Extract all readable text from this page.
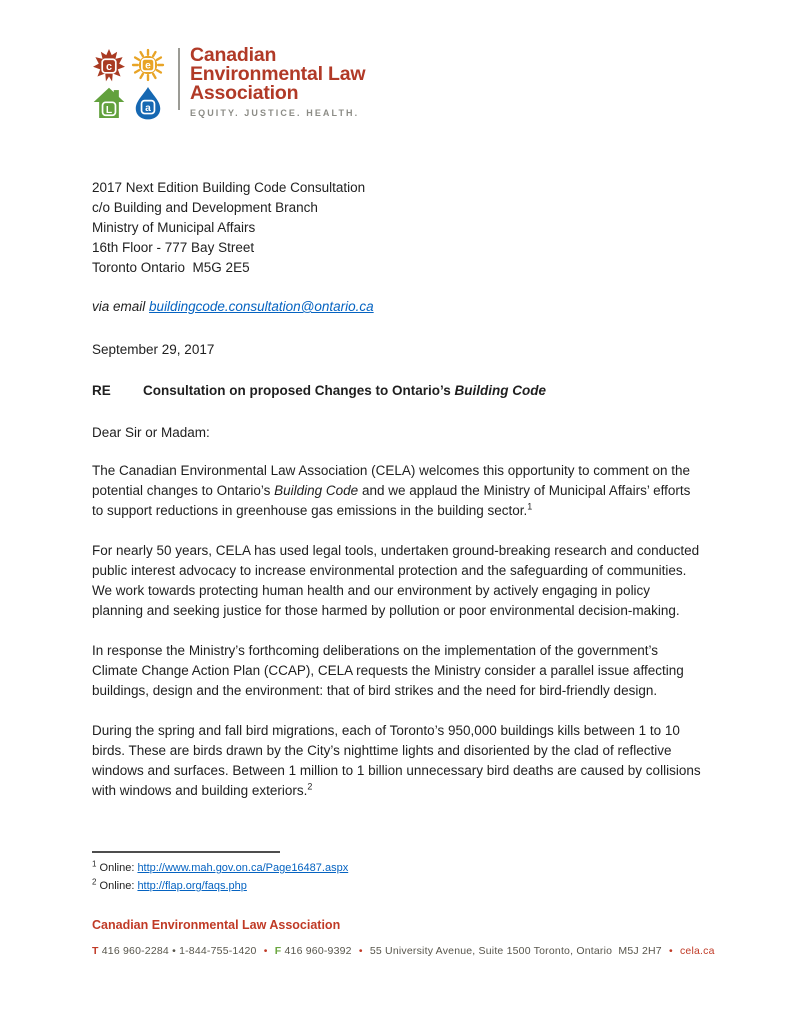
c e
L a
Canadian
Environmental Law
Association
EQUITY. JUSTICE. HEALTH.
2017 Next Edition Building Code Consultation
c/o Building and Development Branch
Ministry of Municipal Affairs
16th Floor - 777 Bay Street
Toronto Ontario  M5G 2E5
via email buildingcode.consultation@ontario.ca
September 29, 2017
RE	Consultation on proposed Changes to Ontario’s Building Code
Dear Sir or Madam:

The Canadian Environmental Law Association (CELA) welcomes this opportunity to comment on the potential changes to Ontario’s Building Code and we applaud the Ministry of Municipal Affairs’ efforts to support reductions in greenhouse gas emissions in the building sector.$^1$

For nearly 50 years, CELA has used legal tools, undertaken ground-breaking research and conducted public interest advocacy to increase environmental protection and the safeguarding of communities. We work towards protecting human health and our environment by actively engaging in policy planning and seeking justice for those harmed by pollution or poor environmental decision-making.

In response the Ministry’s forthcoming deliberations on the implementation of the government’s Climate Change Action Plan (CCAP), CELA requests the Ministry consider a parallel issue affecting buildings, design and the environment: that of bird strikes and the need for bird-friendly design.

During the spring and fall bird migrations, each of Toronto’s 950,000 buildings kills between 1 to 10 birds. These are birds drawn by the City’s nighttime lights and disoriented by the clad of reflective windows and surfaces. Between 1 million to 1 billion unnecessary bird deaths are caused by collisions with windows and building exteriors.$^2$

$^1$ Online: http://www.mah.gov.on.ca/Page16487.aspx
$^2$ Online: http://flap.org/faqs.php
Canadian Environmental Law Association
T 416 960-2284 • 1-844-755-1420 • F 416 960-9392 • 55 University Avenue, Suite 1500 Toronto, Ontario  M5J 2H7 • cela.ca
